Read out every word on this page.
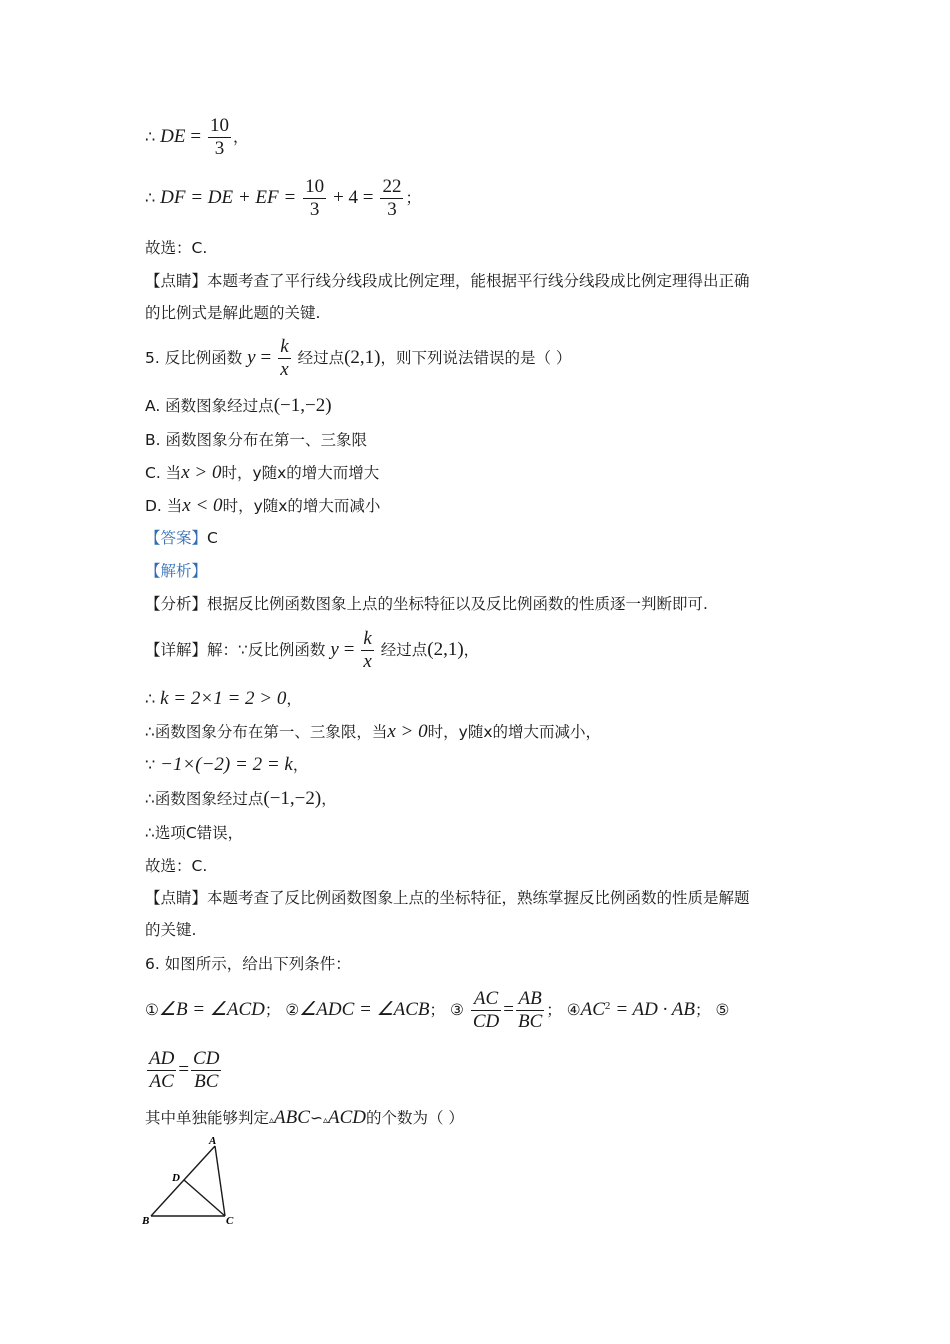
∴ DE = $\frac{10}{3}$ ，
∴ DF = DE + EF = $\frac{10}{3} + 4 = \frac{22}{3}$ ；
故选：C.
【点睛】本题考查了平行线分线段成比例定理，能根据平行线分线段成比例定理得出正确
的比例式是解此题的关键.
5. 反比例函数 $y = \frac{k}{x}$ 经过点(2,1)，则下列说法错误的是（ ）
A. 函数图象经过点(−1,−2)
B. 函数图象分布在第一、三象限
C. 当x > 0时，y随x的增大而增大
D. 当x < 0时，y随x的增大而减小
【答案】C
【解析】
【分析】根据反比例函数图象上点的坐标特征以及反比例函数的性质逐一判断即可.
【详解】解：∵反比例函数 $y = \frac{k}{x}$ 经过点(2,1)，
∴ k = 2×1 = 2 > 0，
∴函数图象分布在第一、三象限，当x > 0时，y随x的增大而减小，
∵ −1×(−2) = 2 = k，
∴函数图象经过点(−1,−2)，
∴选项C错误，
故选：C.
【点睛】本题考查了反比例函数图象上点的坐标特征，熟练掌握反比例函数的性质是解题
的关键.
6. 如图所示，给出下列条件：
①∠B = ∠ACD； ②∠ADC = ∠ACB； ③ $\frac{AC}{CD} = \frac{AB}{BC}$ ； $④AC^2$ = AD · AB； ⑤
$\frac{AD}{AC} = \frac{CD}{BC}$
其中单独能够判定▵ABC∽▵ACD的个数为（ ）
A
D
B	C
